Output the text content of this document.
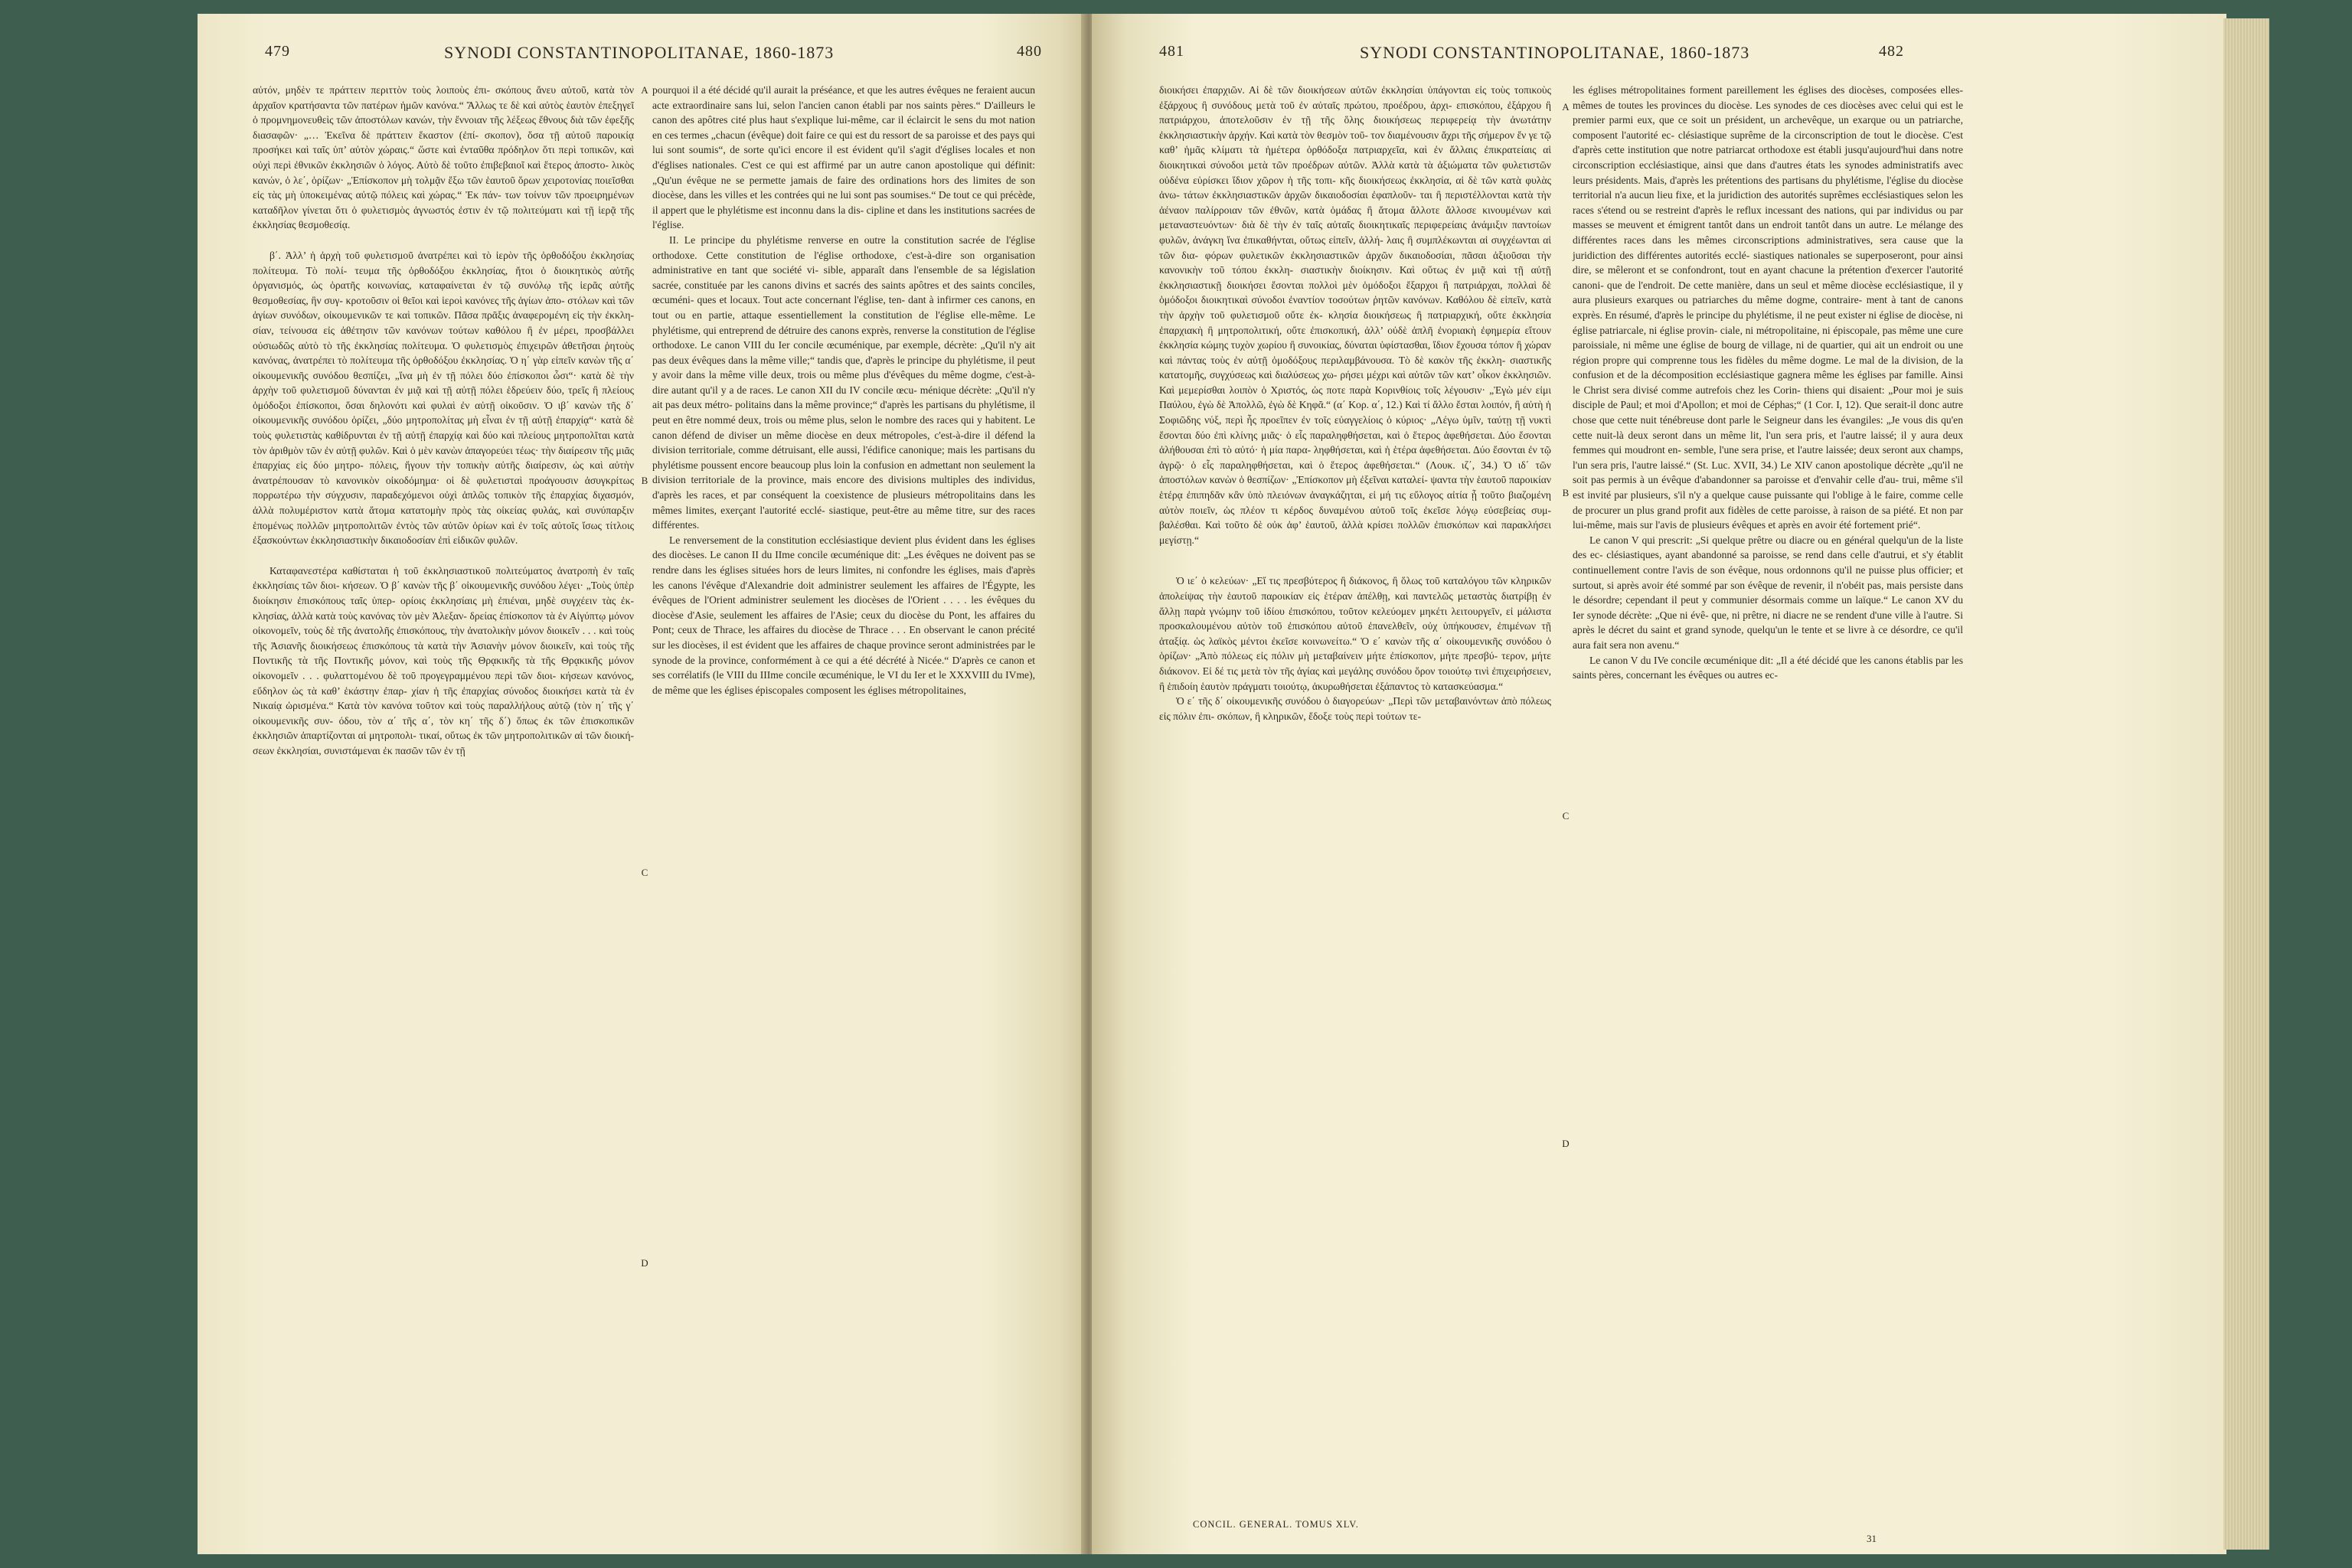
479	SYNODI CONSTANTINOPOLITANAE, 1860-1873	480

αὐτόν, μηδὲν τε πράττειν περιττὸν τοὺς λοιποὺς ἐπι- σκόπους ἄνευ αὐτοῦ, κατὰ τὸν ἀρχαῖον κρατήσαντα τῶν πατέρων ἡμῶν κανόνα.“ Ἄλλως τε δὲ καὶ αὐτὸς ἑαυτὸν ἐπεξηγεῖ ὁ προμνημονευθεὶς τῶν ἀποστόλων κανών, τὴν ἔννοιαν τῆς λέξεως ἔθνους διὰ τῶν ἐφεξῆς διασαφῶν· „… Ἐκεῖνα δὲ πράττειν ἕκαστον (ἐπί- σκοπον), ὅσα τῇ αὐτοῦ παροικίᾳ προσήκει καὶ ταῖς ὑπ’ αὐτὸν χώραις.“ ὥστε καὶ ἐνταῦθα πρόδηλον ὅτι περὶ τοπικῶν, καὶ οὐχὶ περὶ ἐθνικῶν ἐκκλησιῶν ὁ λόγος. Αὐτὸ δὲ τοῦτο ἐπιβεβαιοῖ καὶ ἕτερος ἀποστο- λικὸς κανών, ὁ λε΄, ὁρίζων· „Ἐπίσκοπον μὴ τολμᾷν ἔξω τῶν ἑαυτοῦ ὅρων χειροτονίας ποιεῖσθαι εἰς τὰς μὴ ὑποκειμένας αὐτῷ πόλεις καὶ χώρας.“ Ἐκ πάν- των τοίνυν τῶν προειρημένων καταδῆλον γίνεται ὅτι ὁ φυλετισμὸς ἀγνωστός ἐστιν ἐν τῷ πολιτεύματι καὶ τῇ ἱερᾷ τῆς ἐκκλησίας θεσμοθεσίᾳ.

β΄. Ἀλλ’ ἡ ἀρχὴ τοῦ φυλετισμοῦ ἀνατρέπει καὶ τὸ ἱερὸν τῆς ὀρθοδόξου ἐκκλησίας πολίτευμα. Τὸ πολί- τευμα τῆς ὀρθοδόξου ἐκκλησίας, ἤτοι ὁ διοικητικὸς αὐτῆς ὀργανισμός, ὡς ὁρατῆς κοινωνίας, καταφαίνεται ἐν τῷ συνόλῳ τῆς ἱερᾶς αὐτῆς θεσμοθεσίας, ἣν συγ- κροτοῦσιν οἱ θεῖοι καὶ ἱεροὶ κανόνες τῆς ἁγίων ἀπο- στόλων καὶ τῶν ἁγίων συνόδων, οἰκουμενικῶν τε καὶ τοπικῶν. Πᾶσα πρᾶξις ἀναφερομένη εἰς τὴν ἐκκλη- σίαν, τείνουσα εἰς ἀθέτησιν τῶν κανόνων τούτων καθόλου ἢ ἐν μέρει, προσβάλλει οὐσιωδῶς αὐτὸ τὸ τῆς ἐκκλησίας πολίτευμα. Ὁ φυλετισμὸς ἐπιχειρῶν ἀθετῆσαι ῥητοὺς κανόνας, ἀνατρέπει τὸ πολίτευμα τῆς ὀρθοδόξου ἐκκλησίας. Ὁ η΄ γὰρ εἰπεῖν κανὼν τῆς α΄ οἰκουμενικῆς συνόδου θεσπίζει, „ἵνα μὴ ἐν τῇ πόλει δύο ἐπίσκοποι ὦσι“· κατὰ δὲ τὴν ἀρχὴν τοῦ φυλετισμοῦ δύνανται ἐν μιᾷ καὶ τῇ αὐτῇ πόλει ἑδρεύειν δύο, τρεῖς ἢ πλείους ὁμόδοξοι ἐπίσκοποι, ὅσαι δηλονότι καὶ φυλαὶ ἐν αὐτῇ οἰκοῦσιν. Ὁ ιβ΄ κανὼν τῆς δ΄ οἰκουμενικῆς συνόδου ὁρίζει, „δύο μητροπολίτας μὴ εἶναι ἐν τῇ αὐτῇ ἐπαρχίᾳ“· κατὰ δὲ τοὺς φυλετιστὰς καθίδρυνται ἐν τῇ αὐτῇ ἐπαρχίᾳ καὶ δύο καὶ πλείους μητροπολῖται κατὰ τὸν ἀριθμὸν τῶν ἐν αὐτῇ φυλῶν. Καὶ ὁ μὲν κανὼν ἀπαγορεύει τέως· τὴν διαίρεσιν τῆς μιᾶς ἐπαρχίας εἰς δύο μητρο- πόλεις, ἥγουν τὴν τοπικὴν αὐτῆς διαίρεσιν, ὡς καὶ αὐτὴν ἀνατρέπουσαν τὸ κανονικὸν οἰκοδόμημα· οἱ δὲ φυλετισταὶ προάγουσιν ἀσυγκρίτως πορρωτέρω τὴν σύγχυσιν, παραδεχόμενοι οὐχὶ ἁπλῶς τοπικὸν τῆς ἐπαρχίας διχασμόν, ἀλλὰ πολυμέριστον κατὰ ἄτομα κατατομὴν πρὸς τὰς οἰκείας φυλάς, καὶ συνύπαρξιν ἑπομένως πολλῶν μητροπολιτῶν ἐντὸς τῶν αὐτῶν ὁρίων καὶ ἐν τοῖς αὐτοῖς ἴσως τίτλοις ἐξασκούντων ἐκκλησιαστικὴν δικαιοδοσίαν ἐπὶ εἰδικῶν φυλῶν.

Καταφανεστέρα καθίσταται ἡ τοῦ ἐκκλησιαστικοῦ πολιτεύματος ἀνατροπὴ ἐν ταῖς ἐκκλησίαις τῶν διοι- κήσεων. Ὁ β΄ κανὼν τῆς β΄ οἰκουμενικῆς συνόδου λέγει· „Τοὺς ὑπὲρ διοίκησιν ἐπισκόπους ταῖς ὑπερ- ορίοις ἐκκλησίαις μὴ ἐπιέναι, μηδὲ συγχέειν τὰς ἐκ- κλησίας, ἀλλὰ κατὰ τοὺς κανόνας τὸν μὲν Ἀλεξαν- δρείας ἐπίσκοπον τὰ ἐν Αἰγύπτῳ μόνον οἰκονομεῖν, τοὺς δὲ τῆς ἀνατολῆς ἐπισκόπους, τὴν ἀνατολικὴν μόνον διοικεῖν . . . καὶ τοὺς τῆς Ἀσιανῆς διοικήσεως ἐπισκόπους τὰ κατὰ τὴν Ἀσιανὴν μόνον διοικεῖν, καὶ τοὺς τῆς Ποντικῆς τὰ τῆς Ποντικῆς μόνον, καὶ τοὺς τῆς Θρᾳκικῆς τὰ τῆς Θρᾳκικῆς μόνον οἰκονομεῖν . . . φυλαττομένου δὲ τοῦ προγεγραμμένου περὶ τῶν διοι- κήσεων κανόνος, εὔδηλον ὡς τὰ καθ’ ἑκάστην ἐπαρ- χίαν ἡ τῆς ἐπαρχίας σύνοδος διοικήσει κατὰ τὰ ἐν Νικαίᾳ ὡρισμένα.“ Κατὰ τὸν κανόνα τοῦτον καὶ τοὺς παραλλήλους αὐτῷ (τὸν η΄ τῆς γ΄ οἰκουμενικῆς συν- όδου, τὸν α΄ τῆς α΄, τὸν κη΄ τῆς δ΄) ὅπως ἐκ τῶν ἐπισκοπικῶν ἐκκλησιῶν ἀπαρτίζονται αἱ μητροπολι- τικαί, οὕτως ἐκ τῶν μητροπολιτικῶν αἱ τῶν διοική- σεων ἐκκλησίαι, συνιστάμεναι ἐκ πασῶν τῶν ἐν τῇ

A
B
C
D

pourquoi il a été décidé qu'il aurait la préséance, et que les autres évêques ne feraient aucun acte extraordinaire sans lui, selon l'ancien canon établi par nos saints pères.“ D'ailleurs le canon des apôtres cité plus haut s'explique lui-même, car il éclaircit le sens du mot nation en ces termes „chacun (évêque) doit faire ce qui est du ressort de sa paroisse et des pays qui lui sont soumis“, de sorte qu'ici encore il est évident qu'il s'agit d'églises locales et non d'églises nationales. C'est ce qui est affirmé par un autre canon apostolique qui définit: „Qu'un évêque ne se permette jamais de faire des ordinations hors des limites de son diocèse, dans les villes et les contrées qui ne lui sont pas soumises.“ De tout ce qui précède, il appert que le phylétisme est inconnu dans la dis- cipline et dans les institutions sacrées de l'église.

II. Le principe du phylétisme renverse en outre la constitution sacrée de l'église orthodoxe. Cette constitution de l'église orthodoxe, c'est-à-dire son organisation administrative en tant que société vi- sible, apparaît dans l'ensemble de sa législation sacrée, constituée par les canons divins et sacrés des saints apôtres et des saints conciles, œcuméni- ques et locaux. Tout acte concernant l'église, ten- dant à infirmer ces canons, en tout ou en partie, attaque essentiellement la constitution de l'église elle-même. Le phylétisme, qui entreprend de détruire des canons exprès, renverse la constitution de l'église orthodoxe. Le canon VIII du Ier concile œcuménique, par exemple, décrète: „Qu'il n'y ait pas deux évêques dans la même ville;“ tandis que, d'après le principe du phylétisme, il peut y avoir dans la même ville deux, trois ou même plus d'évêques du même dogme, c'est-à-dire autant qu'il y a de races. Le canon XII du IV concile œcu- ménique décrète: „Qu'il n'y ait pas deux métro- politains dans la même province;“ d'après les partisans du phylétisme, il peut en être nommé deux, trois ou même plus, selon le nombre des races qui y habitent. Le canon défend de diviser un même diocèse en deux métropoles, c'est-à-dire il défend la division territoriale, comme détruisant, elle aussi, l'édifice canonique; mais les partisans du phylétisme poussent encore beaucoup plus loin la confusion en admettant non seulement la division territoriale de la province, mais encore des divisions multiples des individus, d'après les races, et par conséquent la coexistence de plusieurs métropolitains dans les mêmes limites, exerçant l'autorité ecclé- siastique, peut-être au même titre, sur des races différentes.

Le renversement de la constitution ecclésiastique devient plus évident dans les églises des diocèses. Le canon II du IIme concile œcuménique dit: „Les évêques ne doivent pas se rendre dans les églises situées hors de leurs limites, ni confondre les églises, mais d'après les canons l'évêque d'Alexandrie doit administrer seulement les affaires de l'Égypte, les évêques de l'Orient administrer seulement les diocèses de l'Orient . . . . les évêques du diocèse d'Asie, seulement les affaires de l'Asie; ceux du diocèse du Pont, les affaires du Pont; ceux de Thrace, les affaires du diocèse de Thrace . . . En observant le canon précité sur les diocèses, il est évident que les affaires de chaque province seront administrées par le synode de la province, conformément à ce qui a été décrété à Nicée.“ D'après ce canon et ses corrélatifs (le VIII du IIIme concile œcuménique, le VI du Ier et le XXXVIII du IVme), de même que les églises épiscopales composent les églises métropolitaines,

481	SYNODI CONSTANTINOPOLITANAE, 1860-1873	482

διοικήσει ἐπαρχιῶν. Αἱ δὲ τῶν διοικήσεων αὐτῶν ἐκκλησίαι ὑπάγονται εἰς τοὺς τοπικοὺς ἐξάρχους ἢ συνόδους μετὰ τοῦ ἐν αὐταῖς πρώτου, προέδρου, ἀρχι- επισκόπου, ἐξάρχου ἢ πατριάρχου, ἀποτελοῦσιν ἐν τῇ τῆς ὅλης διοικήσεως περιφερείᾳ τὴν ἀνωτάτην ἐκκλησιαστικὴν ἀρχήν. Καὶ κατὰ τὸν θεσμὸν τοῦ- τον διαμένουσιν ἄχρι τῆς σήμερον ἔν γε τῷ καθ’ ἡμᾶς κλίματι τὰ ἡμέτερα ὀρθόδοξα πατριαρχεῖα, καὶ ἐν ἄλλαις ἐπικρατείαις αἱ διοικητικαὶ σύνοδοι μετὰ τῶν προέδρων αὐτῶν. Ἀλλὰ κατὰ τὰ ἀξιώματα τῶν φυλετιστῶν οὐδένα εὑρίσκει ἴδιον χῶρον ἡ τῆς τοπι- κῆς διοικήσεως ἐκκλησία, αἱ δὲ τῶν κατὰ φυλὰς ἀνω- τάτων ἐκκλησιαστικῶν ἀρχῶν δικαιοδοσίαι ἐφαπλοῦν- ται ἢ περιστέλλονται κατὰ τὴν ἀέναον παλίρροιαν τῶν ἐθνῶν, κατὰ ὁμάδας ἢ ἄτομα ἄλλοτε ἄλλοσε κινουμένων καὶ μεταναστευόντων· διὰ δὲ τὴν ἐν ταῖς αὐταῖς διοικητικαῖς περιφερείαις ἀνάμιξιν παντοίων φυλῶν, ἀνάγκη ἵνα ἐπικαθήνται, οὕτως εἰπεῖν, ἀλλή- λαις ἢ συμπλέκωνται αἱ συγχέωνται αἱ τῶν δια- φόρων φυλετικῶν ἐκκλησιαστικῶν ἀρχῶν δικαιοδοσίαι, πᾶσαι ἀξιοῦσαι τὴν κανονικὴν τοῦ τόπου ἐκκλη- σιαστικὴν διοίκησιν. Καὶ οὕτως ἐν μιᾷ καὶ τῇ αὐτῇ ἐκκλησιαστικῇ διοικήσει ἔσονται πολλοὶ μὲν ὁμόδοξοι ἔξαρχοι ἢ πατριάρχαι, πολλαὶ δὲ ὁμόδοξοι διοικητικαὶ σύνοδοι ἐναντίον τοσούτων ῥητῶν κανόνων. Καθόλου δὲ εἰπεῖν, κατὰ τὴν ἀρχὴν τοῦ φυλετισμοῦ οὔτε ἐκ- κλησία διοικήσεως ἢ πατριαρχική, οὔτε ἐκκλησία ἐπαρχιακὴ ἢ μητροπολιτική, οὔτε ἐπισκοπική, ἀλλ’ οὐδὲ ἁπλῆ ἐνοριακὴ ἐφημερία εἴτουν ἐκκλησία κώμης τυχὸν χωρίου ἢ συνοικίας, δύναται ὑφίστασθαι, ἴδιον ἔχουσα τόπον ἢ χώραν καὶ πάντας τοὺς ἐν αὐτῇ ὁμοδόξους περιλαμβάνουσα. Τὸ δὲ κακὸν τῆς ἐκκλη- σιαστικῆς κατατομῆς, συγχύσεως καὶ διαλύσεως χω- ρήσει μέχρι καὶ αὐτῶν τῶν κατ’ οἶκον ἐκκλησιῶν. Καὶ μεμερίσθαι λοιπὸν ὁ Χριστός, ὡς ποτε παρὰ Κορινθίοις τοῖς λέγουσιν· „Ἐγὼ μέν εἰμι Παύλου, ἐγὼ δὲ Ἀπολλῶ, ἐγὼ δὲ Κηφᾶ.“ (α΄ Κορ. α΄, 12.) Καὶ τί ἄλλο ἔσται λοιπόν, ἢ αὐτὴ ἡ Σοφιῶδης νύξ, περὶ ἧς προεῖπεν ἐν τοῖς εὐαγγελίοις ὁ κύριος· „Λέγω ὑμῖν, ταύτῃ τῇ νυκτὶ ἔσονται δύο ἐπὶ κλίνης μιᾶς· ὁ εἷς παραληφθήσεται, καὶ ὁ ἕτερος ἀφεθήσεται. Δύο ἔσονται ἀλήθουσαι ἐπὶ τὸ αὐτό· ἡ μία παρα- ληφθήσεται, καὶ ἡ ἑτέρα ἀφεθήσεται. Δύο ἔσονται ἐν τῷ ἀγρῷ· ὁ εἷς παραληφθήσεται, καὶ ὁ ἕτερος ἀφεθήσεται.“ (Λουκ. ιζ΄, 34.) Ὁ ιδ΄ τῶν ἀποστόλων κανὼν ὁ θεσπίζων· „Ἐπίσκοπον μὴ ἐξεῖναι καταλεί- ψαντα τὴν ἑαυτοῦ παροικίαν ἑτέρᾳ ἐπιπηδᾶν κἂν ὑπὸ πλειόνων ἀναγκάζηται, εἰ μή τις εὔλογος αἰτία ᾖ τοῦτο βιαζομένη αὐτὸν ποιεῖν, ὡς πλέον τι κέρδος δυναμένου αὐτοῦ τοῖς ἐκεῖσε λόγῳ εὐσεβείας συμ- βαλέσθαι. Καὶ τοῦτο δὲ οὐκ ἀφ’ ἑαυτοῦ, ἀλλὰ κρίσει πολλῶν ἐπισκόπων καὶ παρακλήσει μεγίστῃ.“

Ὁ ιε΄ ὁ κελεύων· „Εἴ τις πρεσβύτερος ἢ διάκονος, ἢ ὅλως τοῦ καταλόγου τῶν κληρικῶν ἀπολείψας τὴν ἑαυτοῦ παροικίαν εἰς ἑτέραν ἀπέλθῃ, καὶ παντελῶς μεταστὰς διατρίβῃ ἐν ἄλλῃ παρὰ γνώμην τοῦ ἰδίου ἐπισκόπου, τοῦτον κελεύομεν μηκέτι λειτουργεῖν, εἰ μάλιστα προσκαλουμένου αὐτὸν τοῦ ἐπισκόπου αὐτοῦ ἐπανελθεῖν, οὐχ ὑπήκουσεν, ἐπιμένων τῇ ἀταξίᾳ. ὡς λαϊκὸς μέντοι ἐκεῖσε κοινωνείτω.“ Ὁ ε΄ κανὼν τῆς α΄ οἰκουμενικῆς συνόδου ὁ ὁρίζων· „Ἀπὸ πόλεως εἰς πόλιν μὴ μεταβαίνειν μήτε ἐπίσκοπον, μήτε πρεσβύ- τερον, μήτε διάκονον. Εἰ δέ τις μετὰ τὸν τῆς ἁγίας καὶ μεγάλης συνόδου ὅρον τοιούτῳ τινὶ ἐπιχειρήσειεν, ἢ ἑπιδοίη ἑαυτὸν πράγματι τοιούτῳ, ἀκυρωθήσεται ἐξάπαντος τὸ κατασκεύασμα.“

Ὁ ε΄ τῆς δ΄ οἰκουμενικῆς συνόδου ὁ διαγορεύων· „Περὶ τῶν μεταβαινόντων ἀπὸ πόλεως εἰς πόλιν ἐπι- σκόπων, ἢ κληρικῶν, ἔδοξε τοὺς περὶ τούτων τε-

A
B
C
D

les églises métropolitaines forment pareillement les églises des diocèses, composées elles-mêmes de toutes les provinces du diocèse. Les synodes de ces diocèses avec celui qui est le premier parmi eux, que ce soit un président, un archevêque, un exarque ou un patriarche, composent l'autorité ec- clésiastique suprême de la circonscription de tout le diocèse. C'est d'après cette institution que notre patriarcat orthodoxe est établi jusqu'aujourd'hui dans notre circonscription ecclésiastique, ainsi que dans d'autres états les synodes administratifs avec leurs présidents. Mais, d'après les prétentions des partisans du phylétisme, l'église du diocèse territorial n'a aucun lieu fixe, et la juridiction des autorités suprêmes ecclésiastiques selon les races s'étend ou se restreint d'après le reflux incessant des nations, qui par individus ou par masses se meuvent et émigrent tantôt dans un endroit tantôt dans un autre. Le mélange des différentes races dans les mêmes circonscriptions administratives, sera cause que la juridiction des différentes autorités ecclé- siastiques nationales se superposeront, pour ainsi dire, se mêleront et se confondront, tout en ayant chacune la prétention d'exercer l'autorité canoni- que de l'endroit. De cette manière, dans un seul et même diocèse ecclésiastique, il y aura plusieurs exarques ou patriarches du même dogme, contraire- ment à tant de canons exprès. En résumé, d'après le principe du phylétisme, il ne peut exister ni église de diocèse, ni église patriarcale, ni église provin- ciale, ni métropolitaine, ni épiscopale, pas même une cure paroissiale, ni même une église de bourg de village, ni de quartier, qui ait un endroit ou une région propre qui comprenne tous les fidèles du même dogme. Le mal de la division, de la confusion et de la décomposition ecclésiastique gagnera même les églises par famille. Ainsi le Christ sera divisé comme autrefois chez les Corin- thiens qui disaient: „Pour moi je suis disciple de Paul; et moi d'Apollon; et moi de Céphas;“ (1 Cor. I, 12). Que serait-il donc autre chose que cette nuit ténébreuse dont parle le Seigneur dans les évangiles: „Je vous dis qu'en cette nuit-là deux seront dans un même lit, l'un sera pris, et l'autre laissé; il y aura deux femmes qui moudront en- semble, l'une sera prise, et l'autre laissée; deux seront aux champs, l'un sera pris, l'autre laissé.“ (St. Luc. XVII, 34.) Le XIV canon apostolique décrète „qu'il ne soit pas permis à un évêque d'abandonner sa paroisse et d'envahir celle d'au- trui, même s'il est invité par plusieurs, s'il n'y a quelque cause puissante qui l'oblige à le faire, comme celle de procurer un plus grand profit aux fidèles de cette paroisse, à raison de sa piété. Et non par lui-même, mais sur l'avis de plusieurs évêques et après en avoir été fortement prié“.

Le canon V qui prescrit: „Si quelque prêtre ou diacre ou en général quelqu'un de la liste des ec- clésiastiques, ayant abandonné sa paroisse, se rend dans celle d'autrui, et s'y établit continuellement contre l'avis de son évêque, nous ordonnons qu'il ne puisse plus officier; et surtout, si après avoir été sommé par son évêque de revenir, il n'obéit pas, mais persiste dans le désordre; cependant il peut y communier désormais comme un laïque.“ Le canon XV du Ier synode décrète: „Que ni évê- que, ni prêtre, ni diacre ne se rendent d'une ville à l'autre. Si après le décret du saint et grand synode, quelqu'un le tente et se livre à ce désordre, ce qu'il aura fait sera non avenu.“

Le canon V du IVe concile œcuménique dit: „Il a été décidé que les canons établis par les saints pères, concernant les évêques ou autres ec-

CONCIL. GENERAL. TOMUS XLV.
31
